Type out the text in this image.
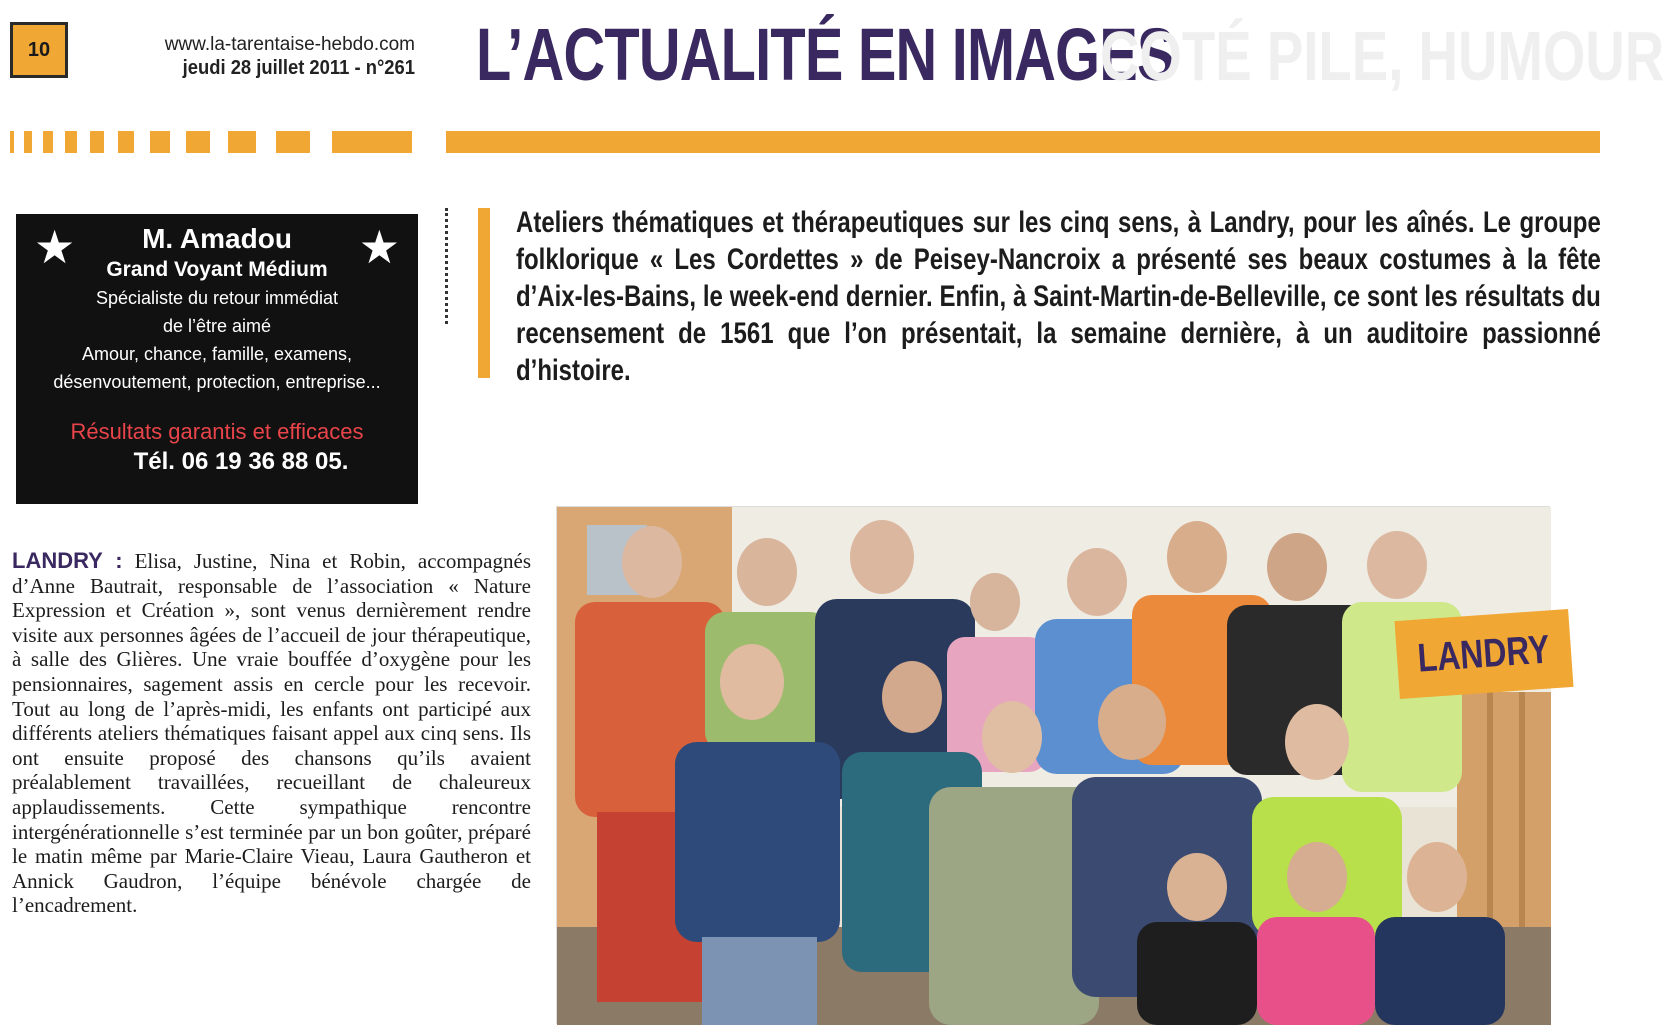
10	www.la-tarentaise-hebdo.com
jeudi 28 juillet 2011 - n°261 L’ACTUALITÉ EN IMAGES
COTÉ PILE, HUMOUR
★	★
M. Amadou
Grand Voyant Médium
Spécialiste du retour immédiat
de l’être aimé
Amour, chance, famille, examens,
désenvoutement, protection, entreprise...
Résultats garantis et efficaces
Tél. 06 19 36 88 05.
Ateliers thématiques et thérapeutiques sur les cinq sens, à Landry, pour les aînés. Le groupe folklorique « Les Cordettes » de Peisey-Nancroix a présenté ses beaux costumes à la fête d’Aix-les-Bains, le week-end dernier. Enfin, à Saint-Martin-de-Belleville, ce sont les résultats du recensement de 1561 que l’on présentait, la semaine dernière, à un auditoire passionné d’histoire.
LANDRY : Elisa, Justine, Nina et Robin, accompagnés d’Anne Bautrait, responsable de l’association « Nature Expression et Création », sont venus dernièrement rendre visite aux personnes âgées de l’accueil de jour thérapeutique, à salle des Glières. Une vraie bouffée d’oxygène pour les pensionnaires, sagement assis en cercle pour les recevoir. Tout au long de l’après-midi, les enfants ont participé aux différents ateliers thématiques faisant appel aux cinq sens. Ils ont ensuite proposé des chansons qu’ils avaient préalablement travaillées, recueillant de chaleureux applaudissements. Cette sympathique rencontre intergénérationnelle s’est terminée par un bon goûter, préparé le matin même par Marie-Claire Vieau, Laura Gautheron et Annick Gaudron, l’équipe bénévole chargée de l’encadrement.
LANDRY
